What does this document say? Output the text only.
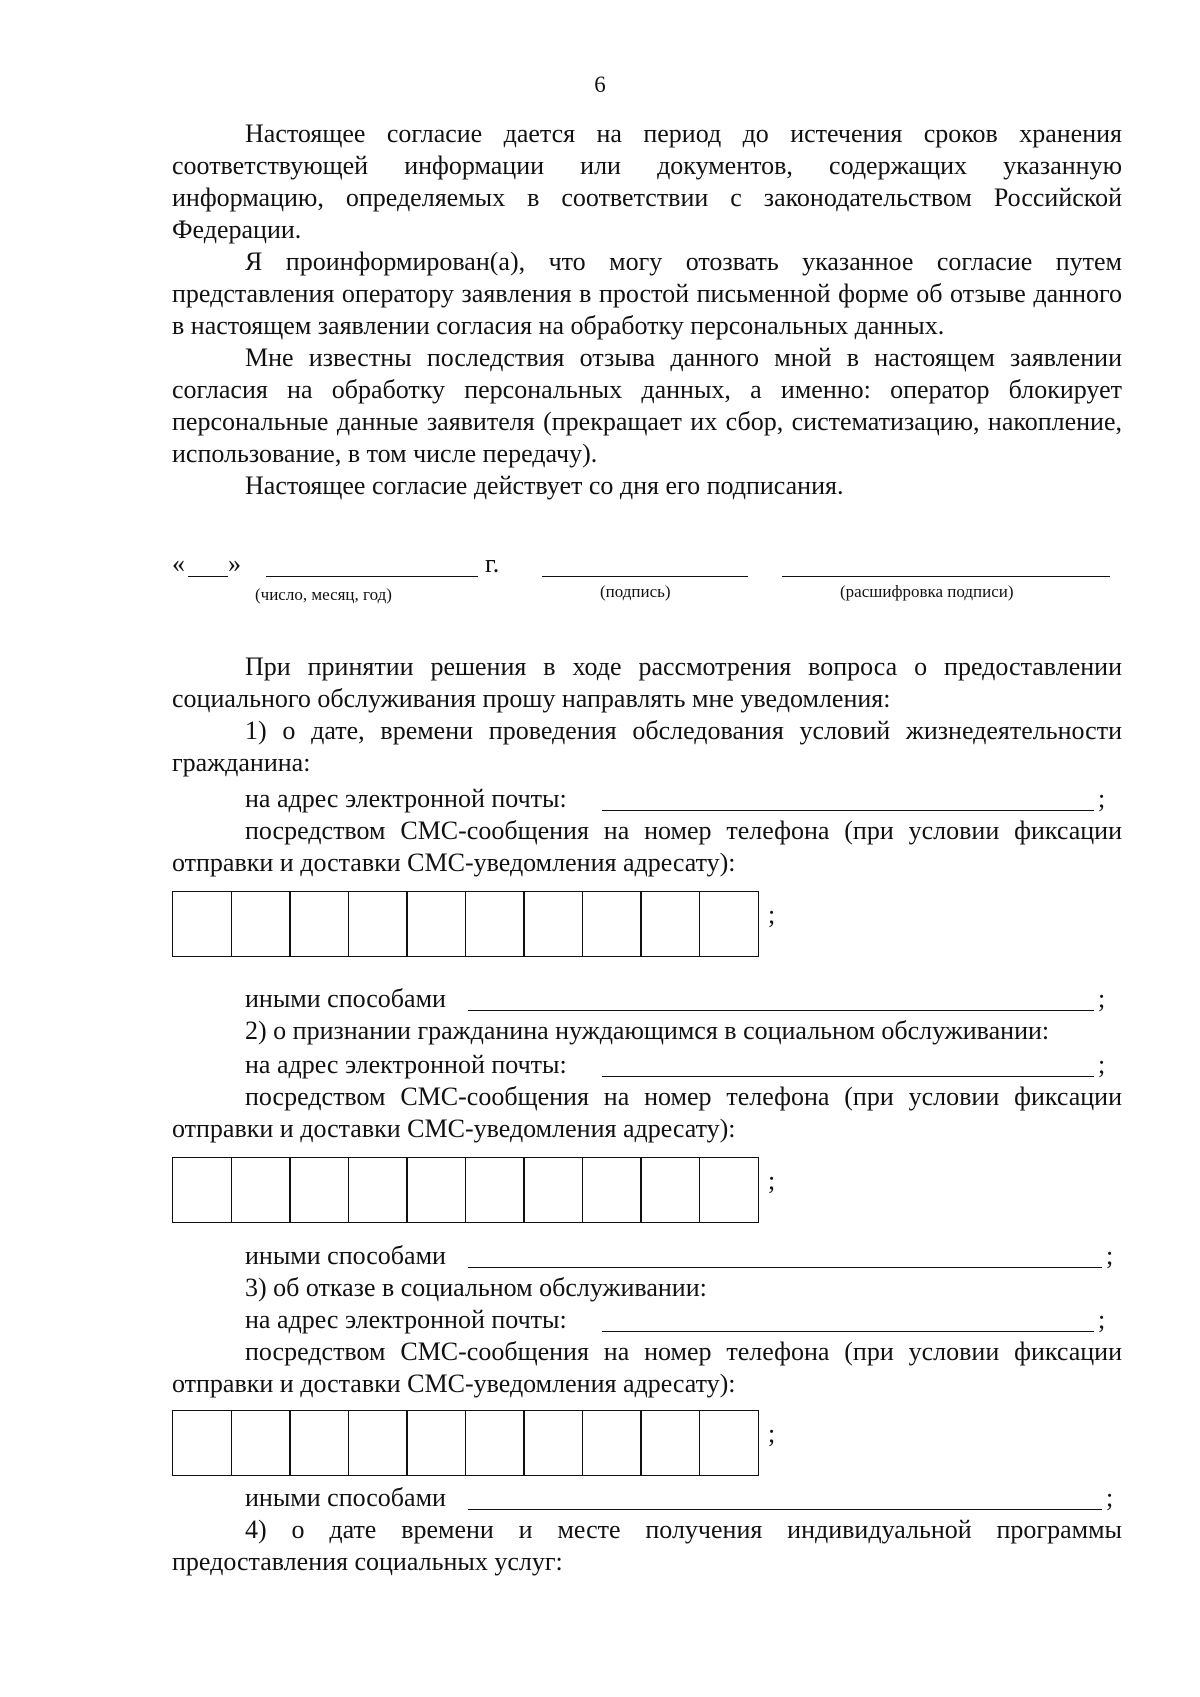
6
Настоящее согласие дается на период до истечения сроков хранения соответствующей информации или документов, содержащих указанную информацию, определяемых в соответствии с законодательством Российской Федерации.
Я проинформирован(а), что могу отозвать указанное согласие путем представления оператору заявления в простой письменной форме об отзыве данного в настоящем заявлении согласия на обработку персональных данных.
Мне известны последствия отзыва данного мной в настоящем заявлении согласия на обработку персональных данных, а именно: оператор блокирует персональные данные заявителя (прекращает их сбор, систематизацию, накопление, использование, в том числе передачу).
Настоящее согласие действует со дня его подписания.
« »	г.
(число, месяц, год)	(подпись)	(расшифровка подписи)
При принятии решения в ходе рассмотрения вопроса о предоставлении социального обслуживания прошу направлять мне уведомления:
1) о дате, времени проведения обследования условий жизнедеятельности гражданина:
на адрес электронной почты:	;
посредством СМС-сообщения на номер телефона (при условии фиксации отправки и доставки СМС-уведомления адресату):
;
иными способами	;
2) о признании гражданина нуждающимся в социальном обслуживании:
на адрес электронной почты:	;
посредством СМС-сообщения на номер телефона (при условии фиксации отправки и доставки СМС-уведомления адресату):
;
иными способами	;
3) об отказе в социальном обслуживании:
на адрес электронной почты:	;
посредством СМС-сообщения на номер телефона (при условии фиксации отправки и доставки СМС-уведомления адресату):
;
иными способами	;
4) о дате времени и месте получения индивидуальной программы предоставления социальных услуг:
